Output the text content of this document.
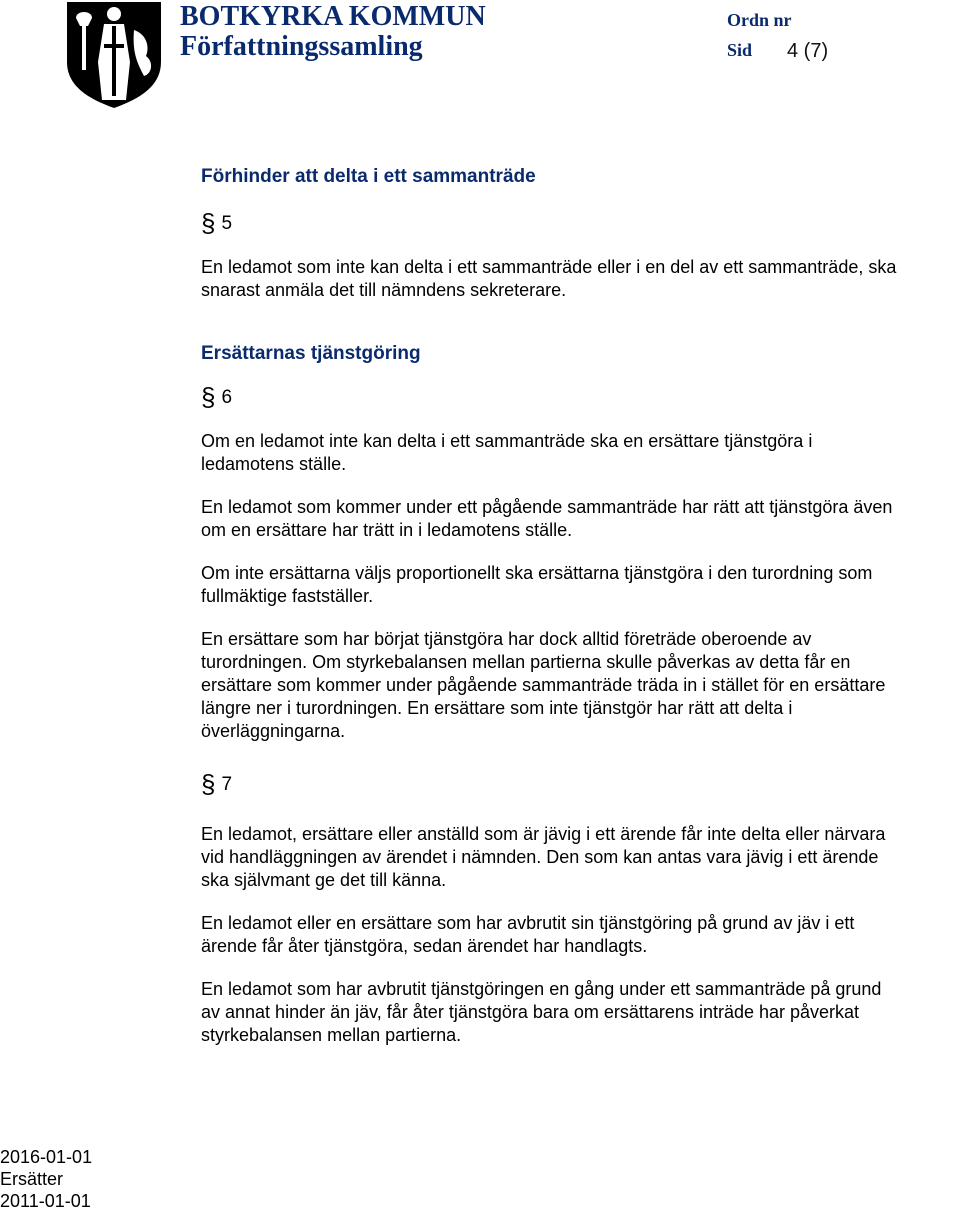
BOTKYRKA KOMMUN
Författningssamling
Ordn nr
Sid 4 (7)
Förhinder att delta i ett sammanträde
§ 5

En ledamot som inte kan delta i ett sammanträde eller i en del av ett sammanträde, ska snarast anmäla det till nämndens sekreterare.

Ersättarnas tjänstgöring
§ 6

Om en ledamot inte kan delta i ett sammanträde ska en ersättare tjänstgöra i ledamotens ställe.

En ledamot som kommer under ett pågående sammanträde har rätt att tjänstgöra även om en ersättare har trätt in i ledamotens ställe.

Om inte ersättarna väljs proportionellt ska ersättarna tjänstgöra i den turordning som fullmäktige fastställer.

En ersättare som har börjat tjänstgöra har dock alltid företräde oberoende av turordningen. Om styrkebalansen mellan partierna skulle påverkas av detta får en ersättare som kommer under pågående sammanträde träda in i stället för en ersättare längre ner i turordningen. En ersättare som inte tjänstgör har rätt att delta i överläggningarna.

§ 7

En ledamot, ersättare eller anställd som är jävig i ett ärende får inte delta eller närvara vid handläggningen av ärendet i nämnden. Den som kan antas vara jävig i ett ärende ska självmant ge det till känna.

En ledamot eller en ersättare som har avbrutit sin tjänstgöring på grund av jäv i ett ärende får åter tjänstgöra, sedan ärendet har handlagts.

En ledamot som har avbrutit tjänstgöringen en gång under ett sammanträde på grund av annat hinder än jäv, får åter tjänstgöra bara om ersättarens inträde har påverkat styrkebalansen mellan partierna.

2016-01-01
Ersätter
2011-01-01
